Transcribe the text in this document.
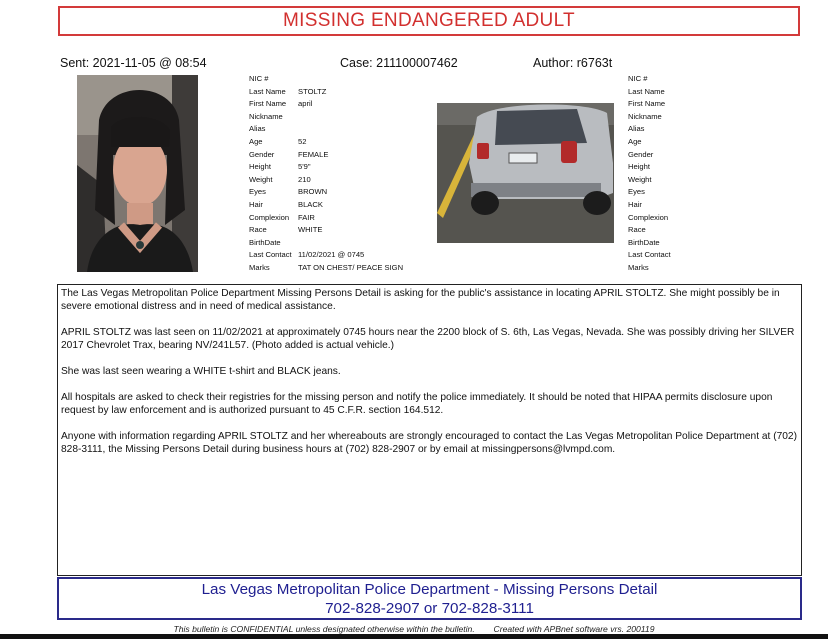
MISSING ENDANGERED ADULT
Sent: 2021-11-05 @ 08:54	Case: 211100007462	Author: r6763t
NIC #
Last Name	STOLTZ
First Name	april
Nickname
Alias
Age	52
Gender	FEMALE
Height	5'9"
Weight	210
Eyes	BROWN
Hair	BLACK
Complexion	FAIR
Race	WHITE
BirthDate
Last Contact 11/02/2021 @ 0745
Marks	TAT ON CHEST/ PEACE SIGN
NIC #
Last Name
First Name
Nickname
Alias
Age
Gender
Height
Weight
Eyes
Hair
Complexion
Race
BirthDate
Last Contact
Marks

The Las Vegas Metropolitan Police Department Missing Persons Detail is asking for the public's assistance in locating APRIL STOLTZ. She might possibly be in severe emotional distress and in need of medical assistance.

APRIL STOLTZ was last seen on 11/02/2021 at approximately 0745 hours near the 2200 block of S. 6th, Las Vegas, Nevada. She was possibly driving her SILVER 2017 Chevrolet Trax, bearing NV/241L57. (Photo added is actual vehicle.)

She was last seen wearing a WHITE t-shirt and BLACK jeans.

All hospitals are asked to check their registries for the missing person and notify the police immediately. It should be noted that HIPAA permits disclosure upon request by law enforcement and is authorized pursuant to 45 C.F.R. section 164.512.

Anyone with information regarding APRIL STOLTZ and her whereabouts are strongly encouraged to contact the Las Vegas Metropolitan Police Department at (702) 828-3111, the Missing Persons Detail during business hours at (702) 828-2907 or by email at missingpersons@lvmpd.com.

Las Vegas Metropolitan Police Department - Missing Persons Detail
702-828-2907 or 702-828-3111
This bulletin is CONFIDENTIAL unless designated otherwise within the bulletin. Created with APBnet software vrs. 200119
